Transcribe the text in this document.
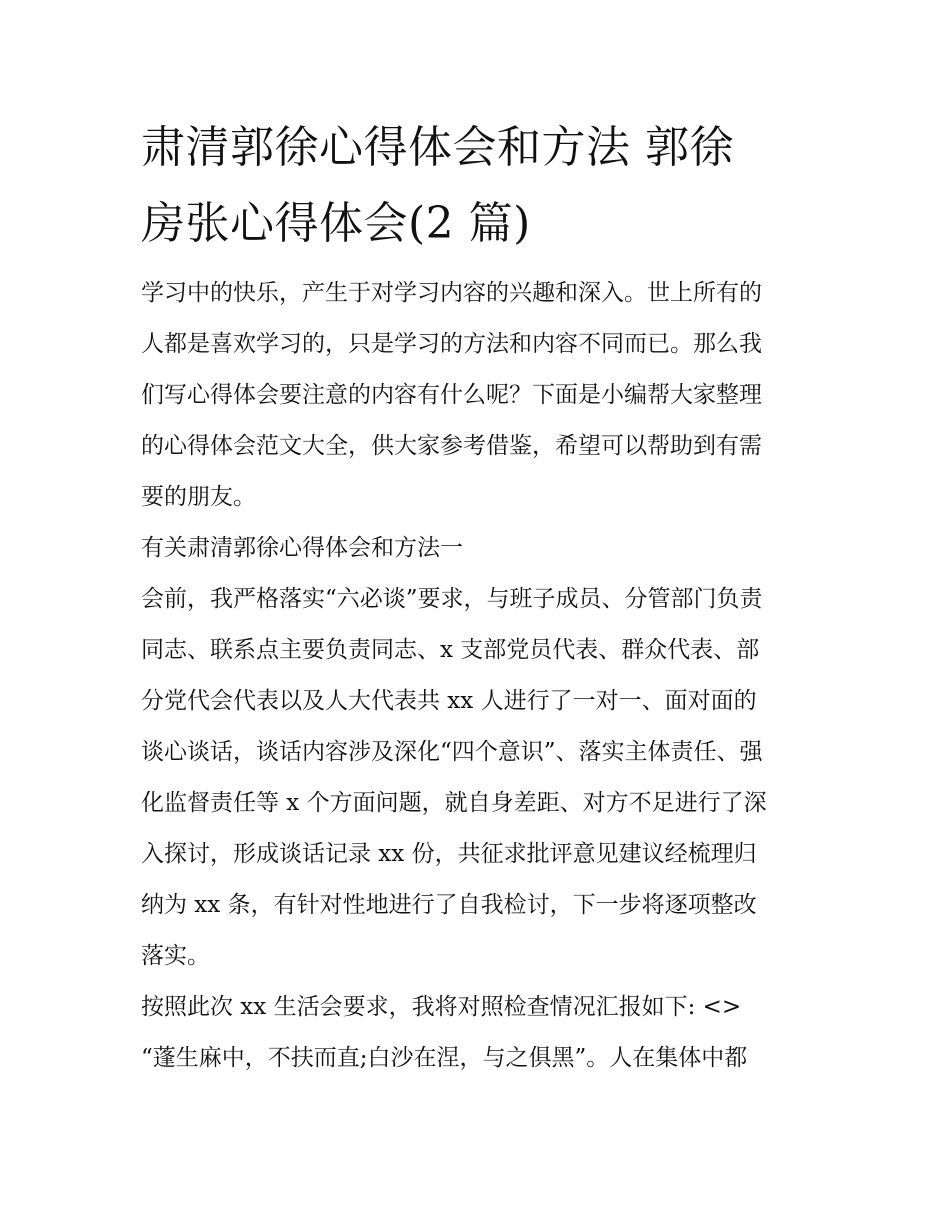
肃清郭徐心得体会和方法 郭徐
房张心得体会(2 篇)

学习中的快乐，产生于对学习内容的兴趣和深入。世上所有的
人都是喜欢学习的，只是学习的方法和内容不同而已。那么我
们写心得体会要注意的内容有什么呢？下面是小编帮大家整理
的心得体会范文大全，供大家参考借鉴，希望可以帮助到有需
要的朋友。

有关肃清郭徐心得体会和方法一

会前，我严格落实“六必谈”要求，与班子成员、分管部门负责
同志、联系点主要负责同志、x 支部党员代表、群众代表、部
分党代会代表以及人大代表共 xx 人进行了一对一、面对面的
谈心谈话，谈话内容涉及深化“四个意识”、落实主体责任、强
化监督责任等 x 个方面问题，就自身差距、对方不足进行了深
入探讨，形成谈话记录 xx 份，共征求批评意见建议经梳理归
纳为 xx 条，有针对性地进行了自我检讨，下一步将逐项整改
落实。

按照此次 xx 生活会要求，我将对照检查情况汇报如下: <>

“蓬生麻中，不扶而直;白沙在涅，与之俱黑”。人在集体中都
